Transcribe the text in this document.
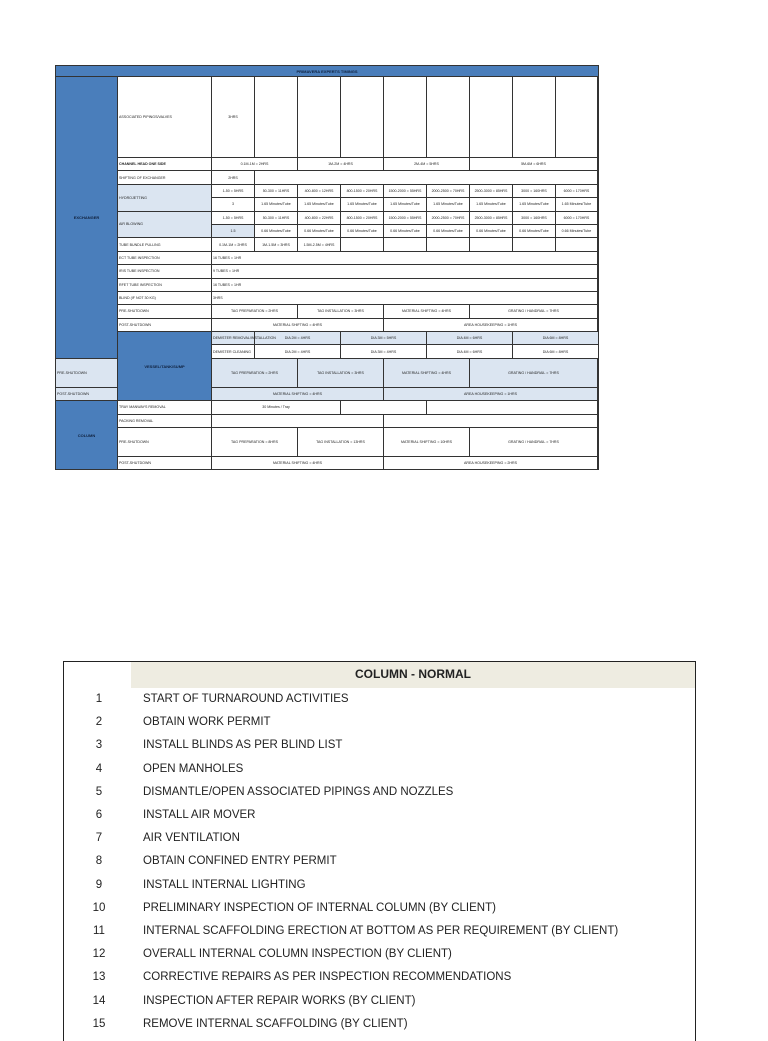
PRIMAVERA EXPERTS TIMINGS											
EXCHANGER	ASSOCIATED PIPINGS/VALVES	3HRS									

	CHANNEL HEAD ONE SIDE	0.1M-1M = 2HRS		1M-2M = 4HRS		2M-4M = 5HRS		5M-6M = 6HRS			
	SHIFTING OF EXCHANGER	2HRS									
	HYDROJETTING	1-50 = 5HRS	50-300 = 11HRS	400-800 = 12HRS	800-1500 = 20HRS	1500-2000 = 55HRS	2000-2500 = 70HRS	2500-3000 = 85HRS	3000 = 160HRS	6000 = 170HRS	
		3	1.65 Minutes/Tube	1.65 Minutes/Tube	1.65 Minutes/Tube	1.65 Minutes/Tube	1.65 Minutes/Tube	1.65 Minutes/Tube	1.65 Minutes/Tube	1.65 Minutes/Tube	
	AIR BLOWING	1-50 = 5HRS	50-300 = 11HRS	400-800 = 22HRS	800-1500 = 20HRS	1500-2000 = 55HRS	2000-2500 = 70HRS	2500-3000 = 85HRS	3000 = 160HRS	6000 = 170HRS	
		1.5	0.66 Minutes/Tube	0.66 Minutes/Tube	0.66 Minutes/Tube	0.66 Minutes/Tube	0.66 Minutes/Tube	0.66 Minutes/Tube	0.66 Minutes/Tube	0.66 Minutes/Tube	
	TUBE BUNDLE PULLING	0.1M-1M = 2HRS	1M-1.5M = 3HRS	1.5M-2.5M = 4HRS							
	ECT TUBE INSPECTION	16 TUBES = 1HR									
	IRIS TUBE INSPECTION	9 TUBES = 1HR									
	RFET TUBE INSPECTION	16 TUBES = 1HR									
	BLIND (IF NOT 30 KG)	3HRS									
	PRE-SHUTDOWN	TAG PREPARATION = 2HRS		TAG INSTALLATION = 3HRS		MATERIAL SHIFTING = 4HRS		GRATING / HANDRAIL = 7HRS			
	POST-SHUTDOWN	MATERIAL SHIFTING = 4HRS				AREA HOUSEKEEPING = 1HRS					
	VESSEL/TANK/SUMP	DEMISTER REMOVAL/INSTALLATION	DIA 2M = 4HRS		DIA 3M = 5HRS		DIA 4M = 6HRS		DIA 6M = 8HRS		
		DEMISTER CLEANING	DIA 2M = 4HRS		DIA 3M = 4HRS		DIA 4M = 6HRS		DIA 6M = 8HRS		
PRE-SHUTDOWN		TAG PREPARATION = 2HRS		TAG INSTALLATION = 3HRS		MATERIAL SHIFTING = 4HRS		GRATING / HANDRAIL = 7HRS	

POST-SHUTDOWN		MATERIAL SHIFTING = 4HRS				AREA HOUSEKEEPING = 1HRS					
COLUMN	TRAY MANWAYS REMOVAL	30 Minutes / Tray									
	PACKING REMOVAL										
	PRE-SHUTDOWN	TAG PREPARATION = 8HRS		TAG INSTALLATION = 13HRS		MATERIAL SHIFTING = 10HRS		GRATING / HANDRAIL = 7HRS	

	POST-SHUTDOWN	MATERIAL SHIFTING = 4HRS				AREA HOUSEKEEPING = 2HRS					
COLUMN - NORMAL
1	START OF TURNAROUND ACTIVITIES
2	OBTAIN WORK PERMIT
3	INSTALL BLINDS AS PER BLIND LIST
4	OPEN MANHOLES
5	DISMANTLE/OPEN ASSOCIATED PIPINGS AND NOZZLES
6	INSTALL AIR MOVER
7	AIR VENTILATION
8	OBTAIN CONFINED ENTRY PERMIT
9	INSTALL INTERNAL LIGHTING
10	PRELIMINARY INSPECTION OF INTERNAL COLUMN (BY CLIENT)
11	INTERNAL SCAFFOLDING ERECTION AT BOTTOM AS PER REQUIREMENT (BY CLIENT)
12	OVERALL INTERNAL COLUMN INSPECTION (BY CLIENT)
13	CORRECTIVE REPAIRS AS PER INSPECTION RECOMMENDATIONS
14	INSPECTION AFTER REPAIR WORKS (BY CLIENT)
15	REMOVE INTERNAL SCAFFOLDING (BY CLIENT)
